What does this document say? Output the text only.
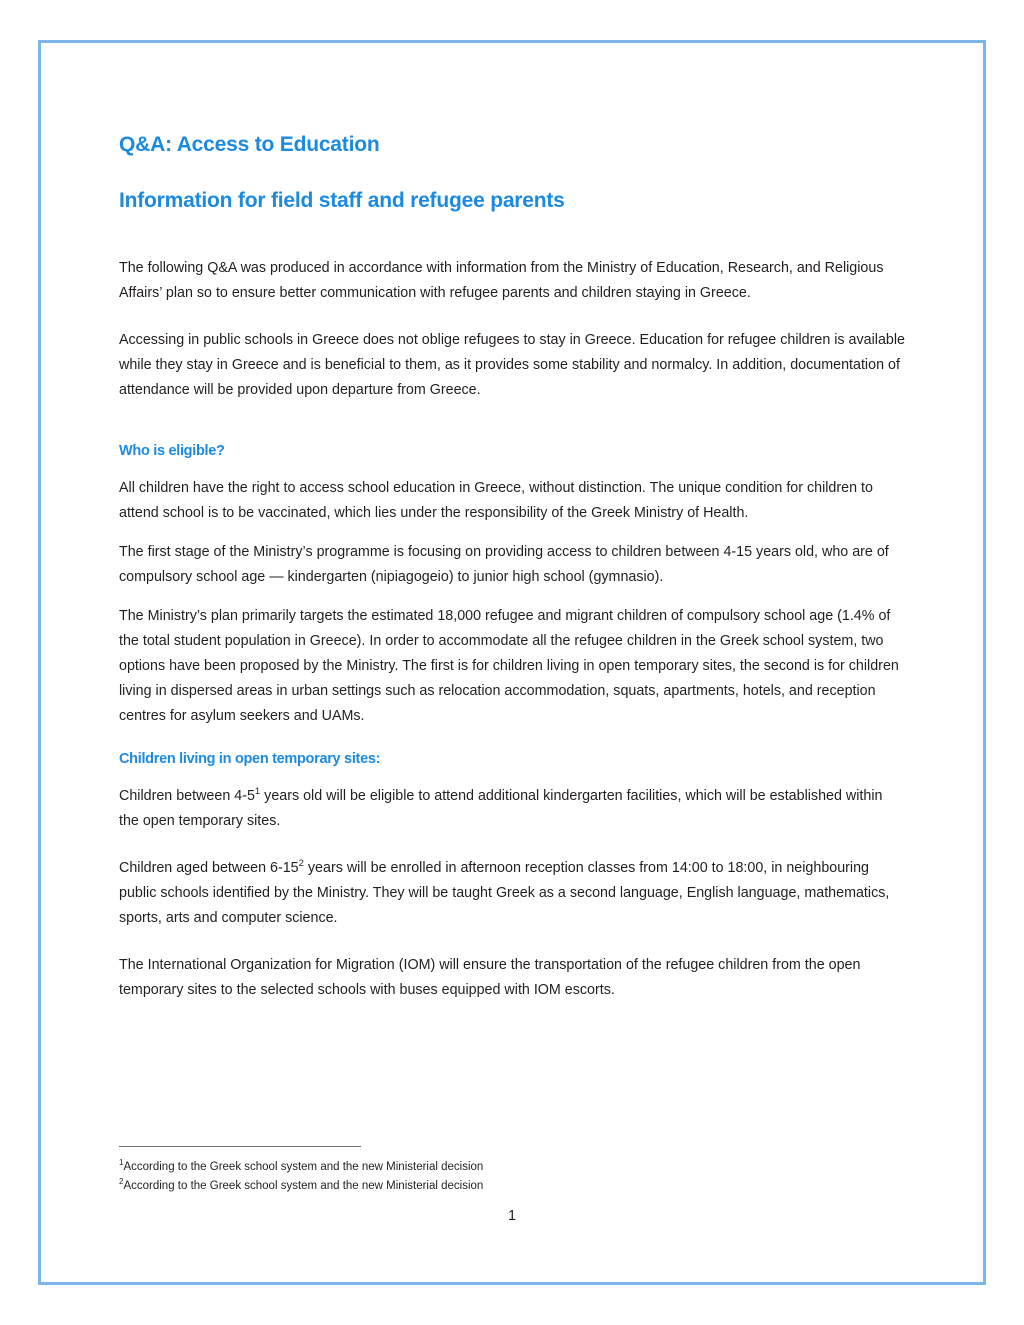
Q&A: Access to Education
Information for field staff and refugee parents

The following Q&A was produced in accordance with information from the Ministry of Education, Research, and Religious Affairs’ plan so to ensure better communication with refugee parents and children staying in Greece.

Accessing in public schools in Greece does not oblige refugees to stay in Greece. Education for refugee children is available while they stay in Greece and is beneficial to them, as it provides some stability and normalcy. In addition, documentation of attendance will be provided upon departure from Greece.

Who is eligible?

All children have the right to access school education in Greece, without distinction. The unique condition for children to attend school is to be vaccinated, which lies under the responsibility of the Greek Ministry of Health.

The first stage of the Ministry’s programme is focusing on providing access to children between 4-15 years old, who are of compulsory school age — kindergarten (nipiagogeio) to junior high school (gymnasio).

The Ministry’s plan primarily targets the estimated 18,000 refugee and migrant children of compulsory school age (1.4% of the total student population in Greece). In order to accommodate all the refugee children in the Greek school system, two options have been proposed by the Ministry. The first is for children living in open temporary sites, the second is for children living in dispersed areas in urban settings such as relocation accommodation, squats, apartments, hotels, and reception centres for asylum seekers and UAMs.

Children living in open temporary sites:

Children between $4-5^1$ years old will be eligible to attend additional kindergarten facilities, which will be established within the open temporary sites.

Children aged between $6-15^2$ years will be enrolled in afternoon reception classes from 14:00 to 18:00, in neighbouring public schools identified by the Ministry. They will be taught Greek as a second language, English language, mathematics, sports, arts and computer science.

The International Organization for Migration (IOM) will ensure the transportation of the refugee children from the open temporary sites to the selected schools with buses equipped with IOM escorts.

$^1$According to the Greek school system and the new Ministerial decision

$^2$According to the Greek school system and the new Ministerial decision

1
